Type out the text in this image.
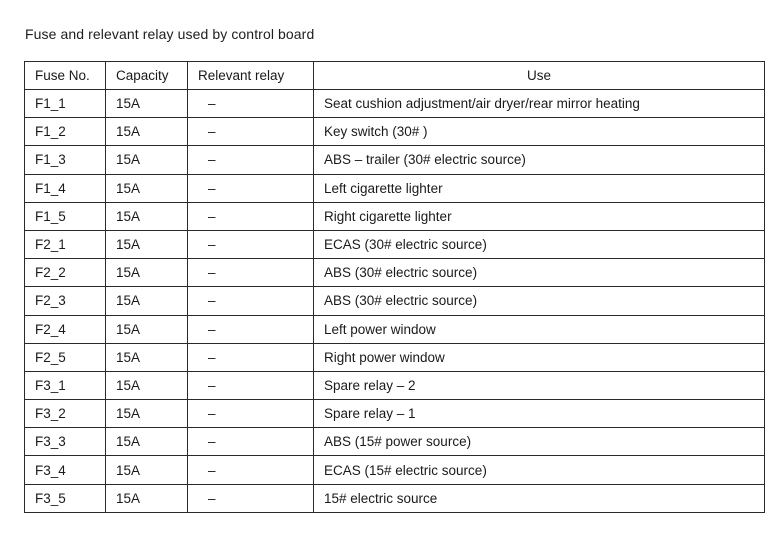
Fuse and relevant relay used by control board
Fuse No.	Capacity	Relevant relay	Use
F1_1	15A	–	Seat cushion adjustment/air dryer/rear mirror heating
F1_2	15A	–	Key switch (30# )
F1_3	15A	–	ABS – trailer (30# electric source)
F1_4	15A	–	Left cigarette lighter
F1_5	15A	–	Right cigarette lighter
F2_1	15A	–	ECAS (30# electric source)
F2_2	15A	–	ABS (30# electric source)
F2_3	15A	–	ABS (30# electric source)
F2_4	15A	–	Left power window
F2_5	15A	–	Right power window
F3_1	15A	–	Spare relay – 2
F3_2	15A	–	Spare relay – 1
F3_3	15A	–	ABS (15# power source)
F3_4	15A	–	ECAS (15# electric source)
F3_5	15A	–	15# electric source
